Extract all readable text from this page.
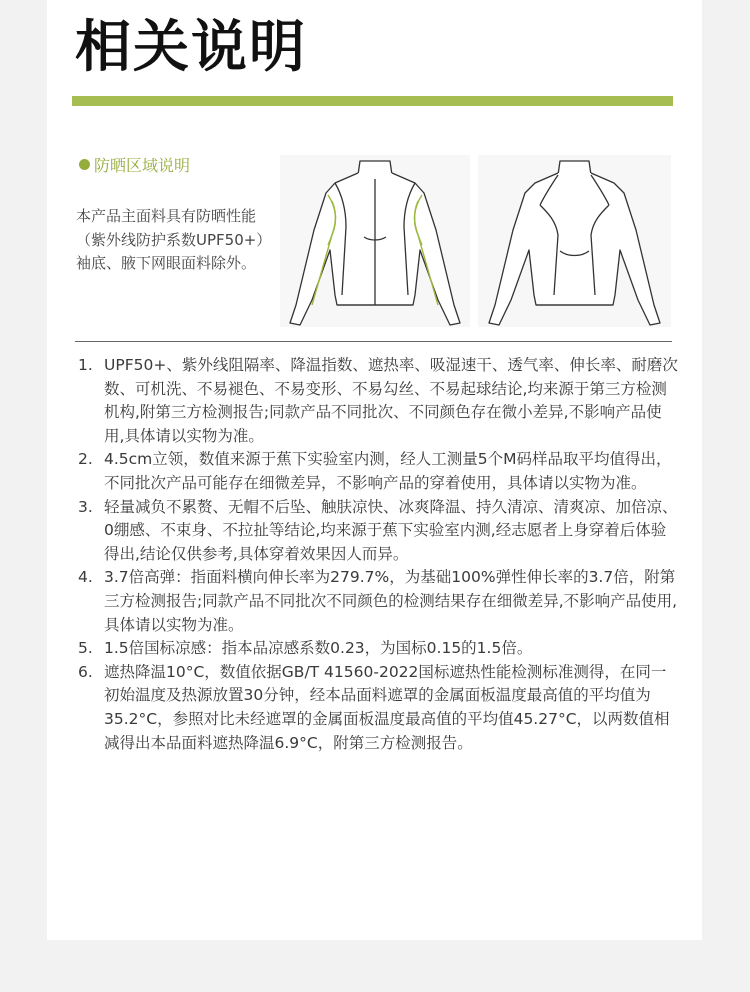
相关说明
防晒区域说明
本产品主面料具有防晒性能（紫外线防护系数UPF50+）袖底、腋下网眼面料除外。
1. UPF50+、紫外线阻隔率、降温指数、遮热率、吸湿速干、透气率、伸长率、耐磨次数、可机洗、不易褪色、不易变形、不易勾丝、不易起球结论,均来源于第三方检测机构,附第三方检测报告;同款产品不同批次、不同颜色存在微小差异,不影响产品使用,具体请以实物为准。
2. 4.5cm立领，数值来源于蕉下实验室内测，经人工测量5个M码样品取平均值得出，不同批次产品可能存在细微差异，不影响产品的穿着使用，具体请以实物为准。
3. 轻量减负不累赘、无帽不后坠、触肤凉快、冰爽降温、持久清凉、清爽凉、加倍凉、0绷感、不束身、不拉扯等结论,均来源于蕉下实验室内测,经志愿者上身穿着后体验得出,结论仅供参考,具体穿着效果因人而异。
4. 3.7倍高弹：指面料横向伸长率为279.7%，为基础100%弹性伸长率的3.7倍，附第三方检测报告;同款产品不同批次不同颜色的检测结果存在细微差异,不影响产品使用,具体请以实物为准。
5. 1.5倍国标凉感：指本品凉感系数0.23，为国标0.15的1.5倍。
6. 遮热降温10°C，数值依据GB/T 41560-2022国标遮热性能检测标准测得，在同一初始温度及热源放置30分钟，经本品面料遮罩的金属面板温度最高值的平均值为35.2°C，参照对比未经遮罩的金属面板温度最高值的平均值45.27°C，以两数值相减得出本品面料遮热降温6.9°C，附第三方检测报告。
